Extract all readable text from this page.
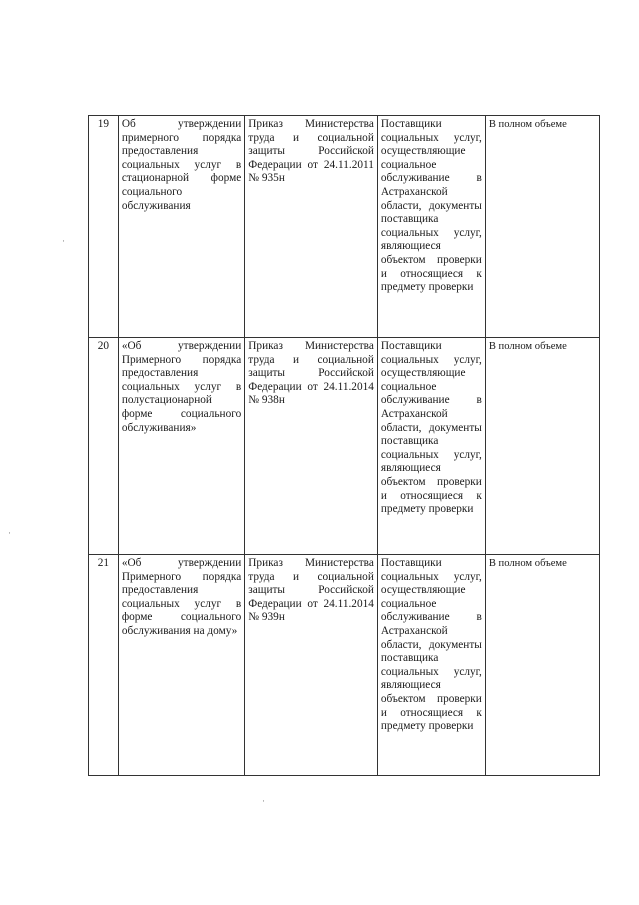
19	Об утверждении примерного порядка предоставления социальных услуг в стационарной форме социального обслуживания	Приказ Министерства труда и социальной защиты Российской Федерации от 24.11.2011 № 935н	Поставщики социальных услуг, осуществляющие социальное обслуживание в Астраханской области, документы поставщика социальных услуг, являющиеся объектом проверки и относящиеся к предмету проверки	В полном объеме
20	«Об утверждении Примерного порядка предоставления социальных услуг в полустационарной форме социального обслуживания»	Приказ Министерства труда и социальной защиты Российской Федерации от 24.11.2014 № 938н	Поставщики социальных услуг, осуществляющие социальное обслуживание в Астраханской области, документы поставщика социальных услуг, являющиеся объектом проверки и относящиеся к предмету проверки	В полном объеме
21	«Об утверждении Примерного порядка предоставления социальных услуг в форме социального обслуживания на дому»	Приказ Министерства труда и социальной защиты Российской Федерации от 24.11.2014 № 939н	Поставщики социальных услуг, осуществляющие социальное обслуживание в Астраханской области, документы поставщика социальных услуг, являющиеся объектом проверки и относящиеся к предмету проверки	В полном объеме
·
·
·
